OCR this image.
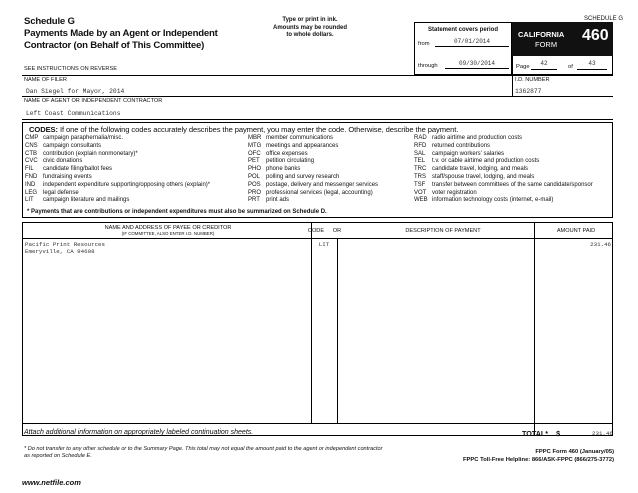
Schedule G
Payments Made by an Agent or Independent
Contractor (on Behalf of This Committee)
Type or print in ink.
Amounts may be rounded
to whole dollars.
SCHEDULE G
Statement covers period
from	07/01/2014
through	09/30/2014
CALIFORNIA
FORM
460
Page	42	of	43
SEE INSTRUCTIONS ON REVERSE
NAME OF FILER	I.D. NUMBER
Dan Siegel for Mayor, 2014	1362877
NAME OF AGENT OR INDEPENDENT CONTRACTOR
Left Coast Communications
CODES: If one of the following codes accurately describes the payment, you may enter the code. Otherwise, describe the payment.
CMP campaign paraphernalia/misc.
CNS campaign consultants
CTB contribution (explain nonmonetary)*
CVC civic donations
FIL candidate filing/ballot fees
FND fundraising events
IND independent expenditure supporting/opposing others (explain)*
LEG legal defense
LIT campaign literature and mailings
MBR member communications
MTG meetings and appearances
OFC office expenses
PET petition circulating
PHO phone banks
POL polling and survey research
POS postage, delivery and messenger services
PRO professional services (legal, accounting)
PRT print ads
RAD radio airtime and production costs
RFD returned contributions
SAL campaign workers' salaries
TEL t.v. or cable airtime and production costs
TRC candidate travel, lodging, and meals
TRS staff/spouse travel, lodging, and meals
TSF transfer between committees of the same candidate/sponsor
VOT voter registration
WEB information technology costs (internet, e-mail)
* Payments that are contributions or independent expenditures must also be summarized on Schedule D.
NAME AND ADDRESS OF PAYEE OR CREDITOR
(IF COMMITTEE, ALSO ENTER I.D. NUMBER)	CODE	OR	DESCRIPTION OF PAYMENT	AMOUNT PAID
Pacific Print Resources
Emeryville, CA 94608
LIT	231.46
Attach additional information on appropriately labeled continuation sheets.	TOTAL* $	231.46
* Do not transfer to any other schedule or to the Summary Page. This total may not equal the amount paid to the agent or independent contractor as reported on Schedule E.
FPPC Form 460 (January/05)
FPPC Toll-Free Helpline: 866/ASK-FPPC (866/275-3772)
www.netfile.com
